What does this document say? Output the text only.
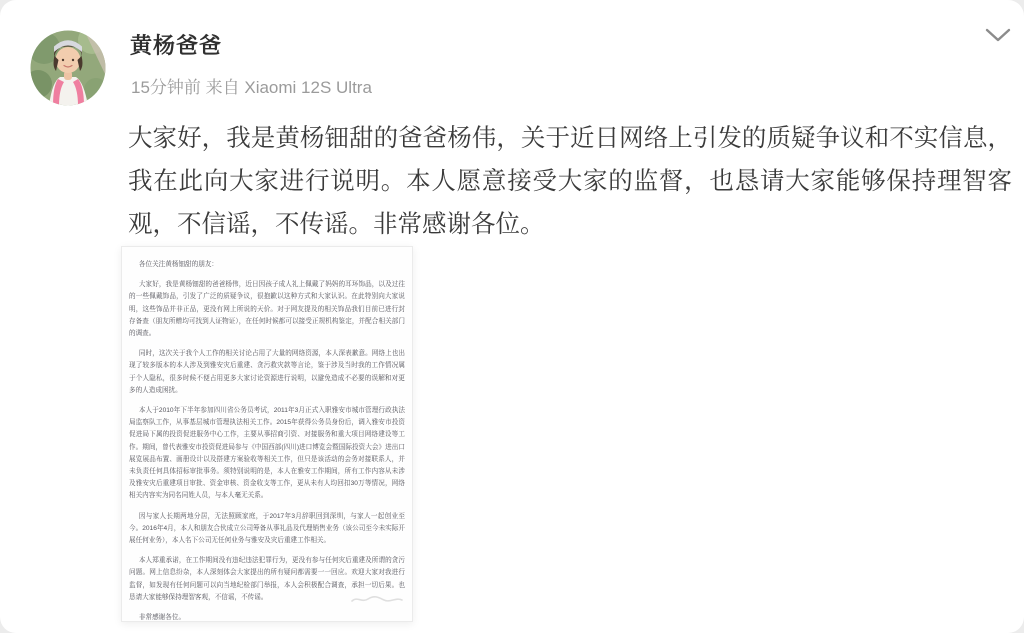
黄杨爸爸
15分钟前 来自 Xiaomi 12S Ultra
大家好，我是黄杨钿甜的爸爸杨伟，关于近日网络上引发的质疑争议和不实信息，我在此向大家进行说明。本人愿意接受大家的监督，也恳请大家能够保持理智客观，不信谣，不传谣。非常感谢各位。

各位关注黄杨钿甜的朋友：

大家好，我是黄杨钿甜的爸爸杨伟，近日因孩子成人礼上佩戴了妈妈的耳环饰品，以及过往的一些佩戴饰品，引发了广泛的质疑争议，很抱歉以这种方式和大家认识。在此特别向大家说明，这些饰品并非正品，更没有网上所说的天价。对于网友提及的相关饰品我们目前已进行封存备查（朋友所赠均可找到人证物证），在任何时候都可以接受正规机构鉴定，并配合相关部门的调查。

同时，这次关于我个人工作的相关讨论占用了大量的网络资源，本人深表歉意。网络上也出现了较多版本的本人涉及到雅安灾后重建、贪污救灾款等言论，鉴于涉及当时我的工作情况属于个人隐私，很多时候不便占用更多大家讨论资源进行说明，以避免造成不必要的误解和对更多的人造成困扰。

本人于2010年下半年参加四川省公务员考试，2011年3月正式入职雅安市城市管理行政执法局监察队工作，从事基层城市管理执法相关工作。2015年获得公务员身份后，调入雅安市投资促进局下属的投资促进服务中心工作，主要从事招商引资、对接服务和重大项目网络建设等工作。期间，曾代表雅安市投资促进局参与《中国西部(四川)进口博览会暨国际投资大会》进出口展览展品布置、画册设计以及搭建方案验收等相关工作，但只是该活动的会务对接联系人，并未负责任何具体招标审批事务。须特别说明的是，本人在雅安工作期间，所有工作内容从未涉及雅安灾后重建项目审批、资金审核、资金收支等工作，更从未有人均回扣30万等情况，网络相关内容实为同名同姓人员，与本人毫无关系。

因与家人长期两地分居，无法照顾家庭，于2017年3月辞职回到深圳，与家人一起创业至今。2016年4月，本人和朋友合伙成立公司筹备从事礼品及代理销售业务（该公司至今未实际开展任何业务），本人名下公司无任何业务与雅安及灾后重建工作相关。

本人郑重承诺，在工作期间没有违纪违法犯罪行为，更没有参与任何灾后重建及所谓的贪污问题。网上信息纷杂，本人深刻体会大家提出的所有疑问都需要一一回应。欢迎大家对我进行监督，如发现有任何问题可以向当地纪检部门举报，本人会积极配合调查，承担一切后果。也恳请大家能够保持理智客观，不信谣，不传谣。

非常感谢各位。
